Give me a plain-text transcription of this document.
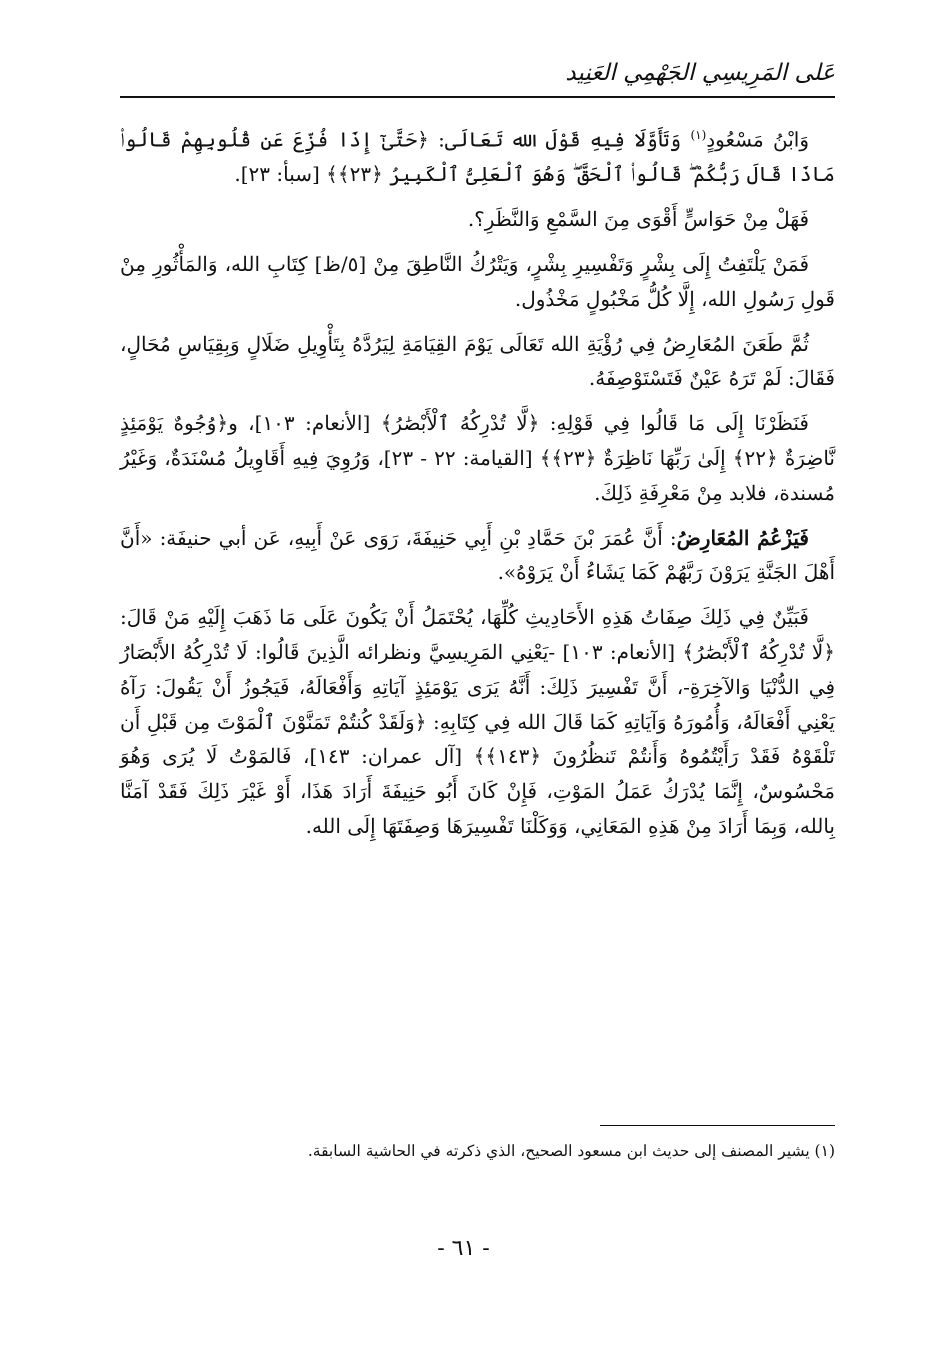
عَلى المَرِيسِي الجَهْمِي العَنِيد

وَابْنُ مَسْعُودٍ$^{(١)}$ وَتَأَوَّلَا فِيهِ قَوْلَ الله تَعَالَى: ﴿حَتَّىٰٓ إِذَا فُزِّعَ عَن قُلُوبِهِمْ قَالُوا۟ مَاذَا قَالَ رَبُّكُمْ ۖ قَالُوا۟ ٱلْحَقَّ ۖ وَهُوَ ٱلْعَلِىُّ ٱلْكَبِيرُ ﴿٢٣﴾﴾ [سبأ: ٢٣].

فَهَلْ مِنْ حَوَاسٍّ أَقْوَى مِنَ السَّمْعِ وَالنَّظَرِ؟.

فَمَنْ يَلْتَفِتُ إِلَى بِشْرٍ وَتَفْسِيرِ بِشْرٍ، وَيَتْرُكُ النَّاطِقَ مِنْ [٥/ظ] كِتَابِ الله، وَالمَأْثُورِ مِنْ قَولِ رَسُولِ الله، إِلَّا كُلُّ مَخْبُولٍ مَخْذُول.

ثُمَّ طَعَنَ المُعَارِضُ فِي رُؤْيَةِ الله تَعَالَى يَوْمَ القِيَامَةِ لِيَرُدَّهُ بِتَأْوِيلِ ضَلَالٍ وَبِقِيَاسِ مُحَالٍ، فَقَالَ: لَمْ تَرَهُ عَيْنٌ فَتَسْتَوْصِفَهُ.

فَنَظَرْنَا إِلَى مَا قَالُوا فِي قَوْلِهِ: ﴿لَّا تُدْرِكُهُ ٱلْأَبْصَٰرُ﴾ [الأنعام: ١٠٣]، و﴿وُجُوهٌ يَوْمَئِذٍ نَّاضِرَةٌ ﴿٢٢﴾ إِلَىٰ رَبِّهَا نَاظِرَةٌ ﴿٢٣﴾﴾ [القيامة: ٢٢ - ٢٣]، وَرُوِيَ فِيهِ أَقَاوِيلُ مُسْنَدَةٌ، وَغَيْرُ مُسندة، فلابد مِنْ مَعْرِفَةِ ذَلِكَ.

فَيَزْعُمُ المُعَارِضُ: أَنَّ عُمَرَ بْنَ حَمَّادِ بْنِ أَبِي حَنِيفَةَ، رَوَى عَنْ أَبِيهِ، عَن أبي حنيفَة: «أَنَّ أَهْلَ الجَنَّةِ يَرَوْنَ رَبَّهُمْ كَمَا يَشَاءُ أَنْ يَرَوْهُ».

فَبَيِّنٌ فِي ذَلِكَ صِفَاتُ هَذِهِ الأَحَادِيثِ كُلِّهَا، يُحْتَمَلُ أَنْ يَكُونَ عَلَى مَا ذَهَبَ إِلَيْهِ مَنْ قَالَ: ﴿لَّا تُدْرِكُهُ ٱلْأَبْصَٰرُ﴾ [الأنعام: ١٠٣] -يَعْنِي المَرِيسِيَّ ونظرائه الَّذِينَ قَالُوا: لَا تُدْرِكُهُ الأَبْصَارُ فِي الدُّنْيَا وَالآخِرَةِ-، أَنَّ تَفْسِيرَ ذَلِكَ: أَنَّهُ يَرَى يَوْمَئِذٍ آيَاتِهِ وَأَفْعَالَهُ، فَيَجُوزُ أَنْ يَقُولَ: رَآهُ يَعْنِي أَفْعَالَهُ، وَأُمُورَهُ وَآيَاتِهِ كَمَا قَالَ الله فِي كِتَابِهِ: ﴿وَلَقَدْ كُنتُمْ تَمَنَّوْنَ ٱلْمَوْتَ مِن قَبْلِ أَن تَلْقَوْهُ فَقَدْ رَأَيْتُمُوهُ وَأَنتُمْ تَنظُرُونَ ﴿١٤٣﴾﴾ [آل عمران: ١٤٣]، فَالمَوْتُ لَا يُرَى وَهُوَ مَحْسُوسٌ، إِنَّمَا يُدْرَكُ عَمَلُ المَوْتِ، فَإِنْ كَانَ أَبُو حَنِيفَةَ أَرَادَ هَذَا، أَوْ غَيْرَ ذَلِكَ فَقَدْ آمَنَّا بِالله، وَبِمَا أَرَادَ مِنْ هَذِهِ المَعَانِي، وَوَكَلْنَا تَفْسِيرَهَا وَصِفَتَهَا إِلَى الله.

(١) يشير المصنف إلى حديث ابن مسعود الصحيح، الذي ذكرته في الحاشية السابقة.
- ٦١ -
